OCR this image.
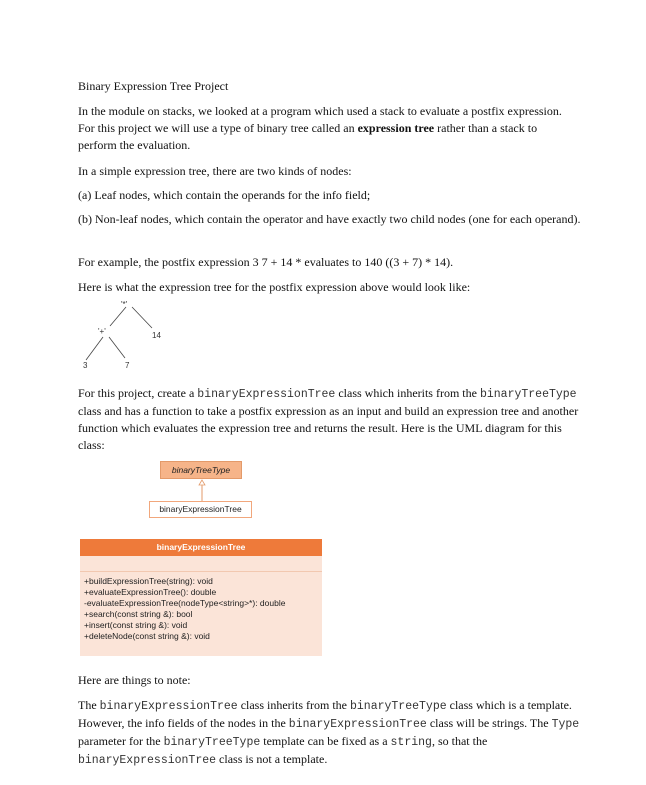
Binary Expression Tree Project

In the module on stacks, we looked at a program which used a stack to evaluate a postfix expression. For this project we will use a type of binary tree called an expression tree rather than a stack to perform the evaluation.

In a simple expression tree, there are two kinds of nodes:

(a) Leaf nodes, which contain the operands for the info field;

(b) Non-leaf nodes, which contain the operator and have exactly two child nodes (one for each operand).

For example, the postfix expression 3 7 + 14 * evaluates to 140 ((3 + 7) * 14).

Here is what the expression tree for the postfix expression above would look like:

'*'
'+'	14
3	7

For this project, create a binaryExpressionTree class which inherits from the binaryTreeType class and has a function to take a postfix expression as an input and build an expression tree and another function which evaluates the expression tree and returns the result. Here is the UML diagram for this class:

binaryTreeType
binaryExpressionTree
binaryExpressionTree
+buildExpressionTree(string): void
+evaluateExpressionTree(): double
-evaluateExpressionTree(nodeType<string>*): double
+search(const string &): bool
+insert(const string &): void
+deleteNode(const string &): void

Here are things to note:

The binaryExpressionTree class inherits from the binaryTreeType class which is a template. However, the info fields of the nodes in the binaryExpressionTree class will be strings. The Type parameter for the binaryTreeType template can be fixed as a string, so that the binaryExpressionTree class is not a template.
